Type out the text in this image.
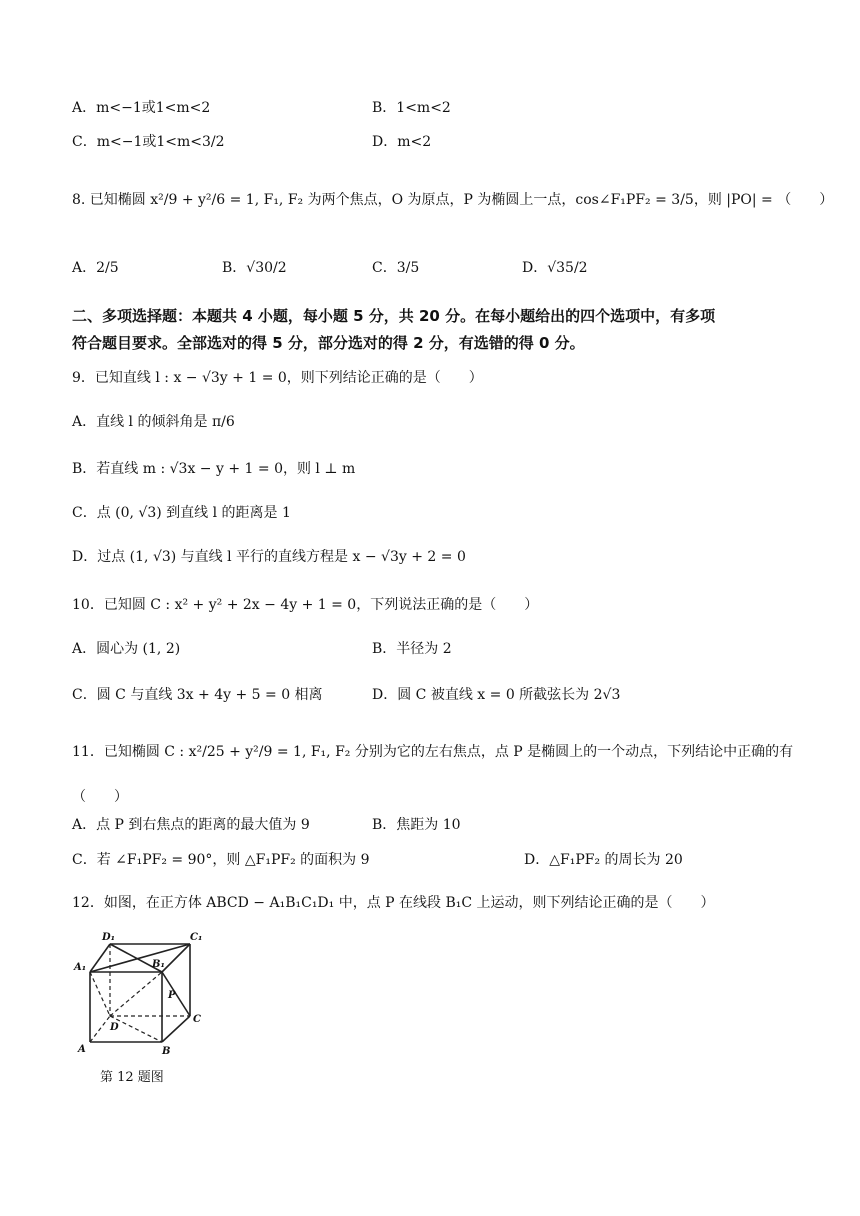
A．m<−1或1<m<2	B．1<m<2
C．m<−1或1<m<3/2	D．m<2
8. 已知椭圆 x²/9 + y²/6 = 1, F₁, F₂ 为两个焦点，O 为原点，P 为椭圆上一点，cos∠F₁PF₂ = 3/5，则 |PO| = （　　）
A．2/5	B．√30/2	C．3/5	D．√35/2
二、多项选择题：本题共 4 小题，每小题 5 分，共 20 分。在每小题给出的四个选项中，有多项
符合题目要求。全部选对的得 5 分，部分选对的得 2 分，有选错的得 0 分。
9．已知直线 l : x − √3y + 1 = 0，则下列结论正确的是（　　）
A．直线 l 的倾斜角是 π/6
B．若直线 m : √3x − y + 1 = 0，则 l ⊥ m
C．点 (0, √3) 到直线 l 的距离是 1
D．过点 (1, √3) 与直线 l 平行的直线方程是 x − √3y + 2 = 0
10．已知圆 C : x² + y² + 2x − 4y + 1 = 0，下列说法正确的是（　　）
A．圆心为 (1, 2)	B．半径为 2
C．圆 C 与直线 3x + 4y + 5 = 0 相离	D．圆 C 被直线 x = 0 所截弦长为 2√3
11．已知椭圆 C : x²/25 + y²/9 = 1, F₁, F₂ 分别为它的左右焦点，点 P 是椭圆上的一个动点，下列结论中正确的有
（　　）
A．点 P 到右焦点的距离的最大值为 9	B．焦距为 10
C．若 ∠F₁PF₂ = 90°，则 △F₁PF₂ 的面积为 9	D．△F₁PF₂ 的周长为 20
12．如图，在正方体 ABCD − A₁B₁C₁D₁ 中，点 P 在线段 B₁C 上运动，则下列结论正确的是（　　）
D₁	C₁
A₁	B₁
P
D
C
A	B
第 12 题图
